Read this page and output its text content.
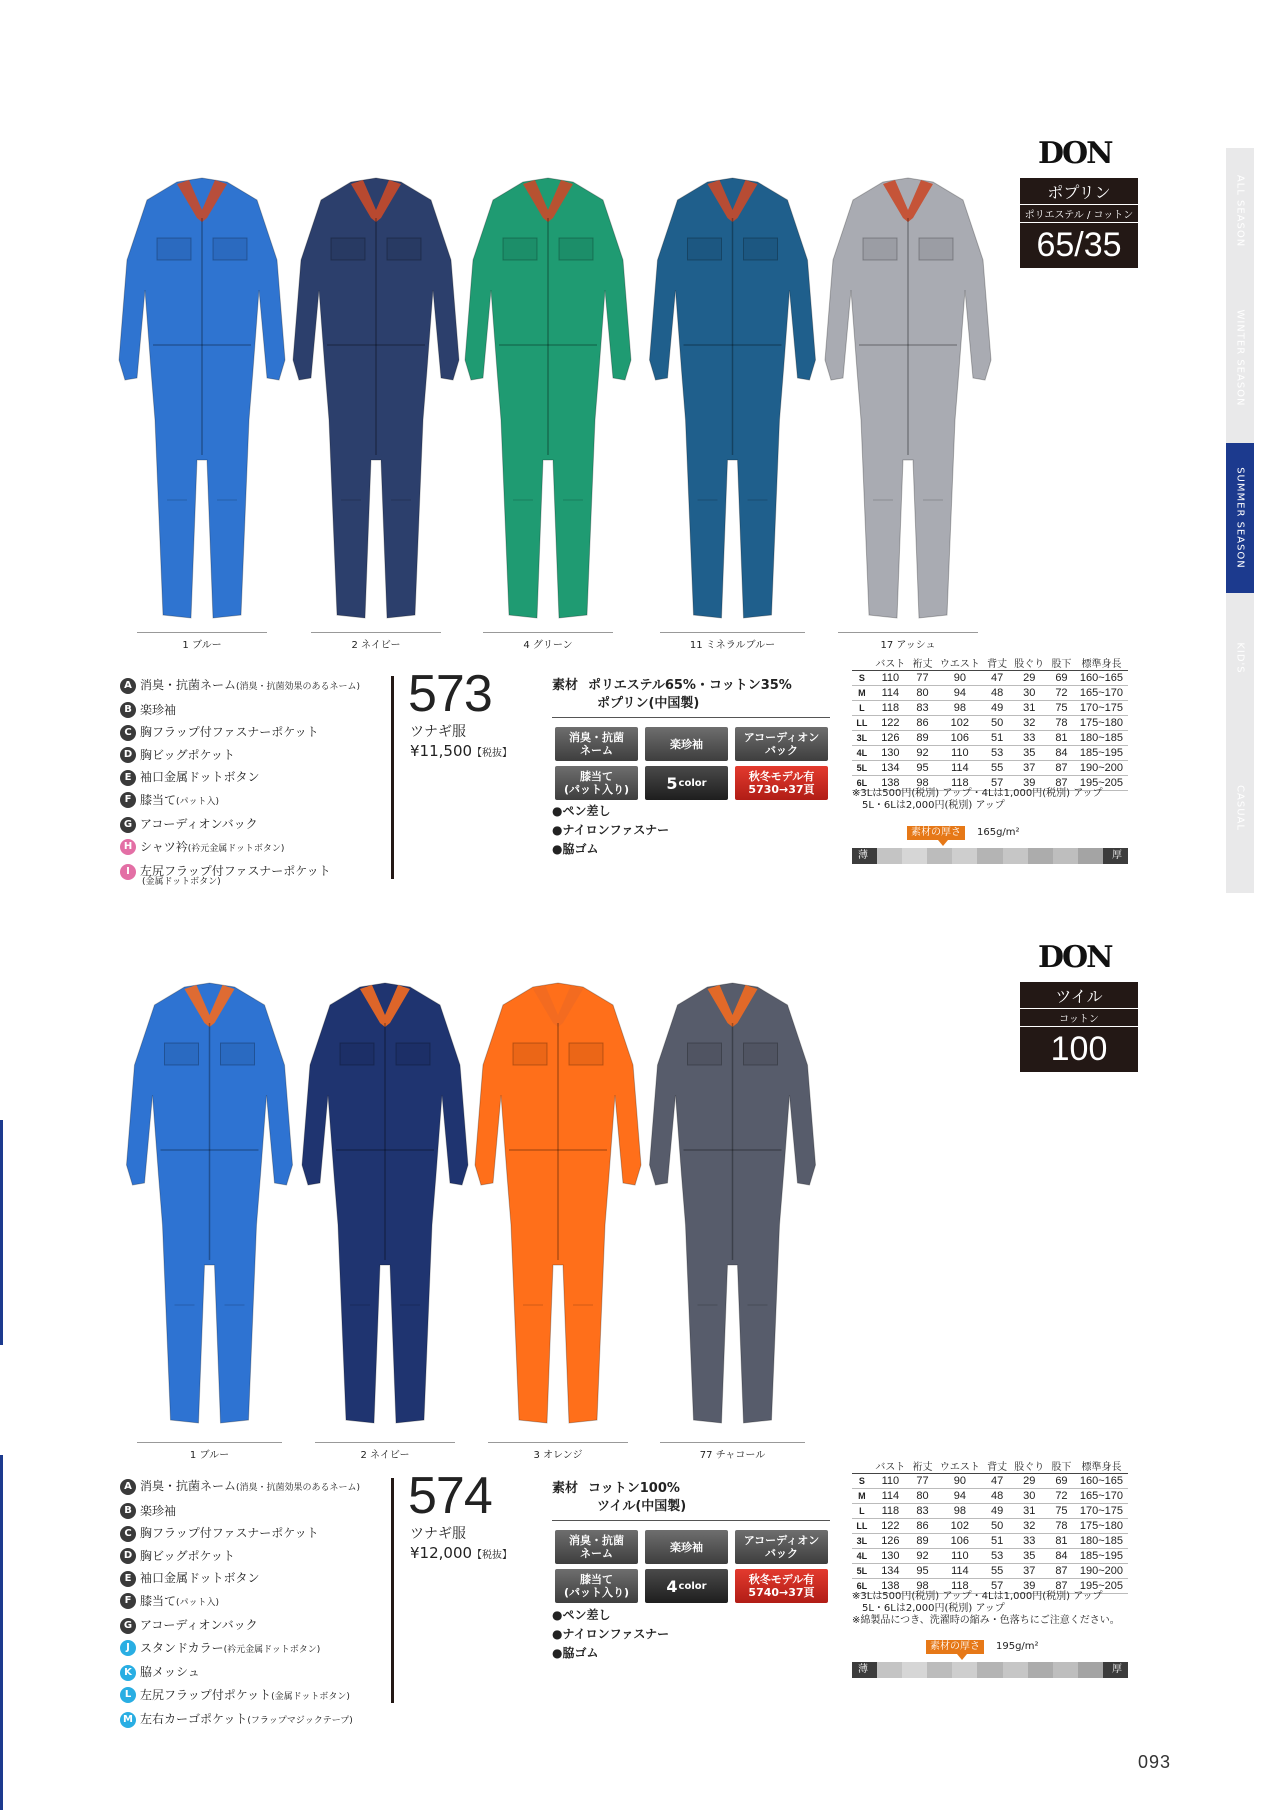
ALL SEASON
WINTER SEASON
SUMMER SEASON
KID'S
CASUAL
DON
ポプリン
ポリエステル / コットン
65/35
1 ブルー	2 ネイビー	4 グリーン	11 ミネラルブルー	17 アッシュ
A 消臭・抗菌ネーム(消臭・抗菌効果のあるネーム)
B 楽珍袖
C 胸フラップ付ファスナーポケット
D 胸ビッグポケット
E 袖口金属ドットボタン
F 膝当て(パット入)
G アコーディオンバック
H シャツ衿(衿元金属ドットボタン)
I 左尻フラップ付ファスナーポケット
(金属ドットボタン)
573
ツナギ服
¥11,500【税抜】
素材 ポリエステル65%・コットン35%
ポプリン(中国製)
消臭・抗菌
ネーム	楽珍袖	アコーディオン
バック
膝当て
(パット入り)	5 color	秋冬モデル有
5730→37頁
●ペン差し
●ナイロンファスナー
●脇ゴム
	バスト	裄丈	ウエスト	背丈	股ぐり	股下	標準身長
S	110	77	90	47	29	69	160~165
M	114	80	94	48	30	72	165~170
L	118	83	98	49	31	75	170~175
LL	122	86	102	50	32	78	175~180
3L	126	89	106	51	33	81	180~185
4L	130	92	110	53	35	84	185~195
5L	134	95	114	55	37	87	190~200
6L	138	98	118	57	39	87	195~205
※3Lは500円(税別) アップ・4Lは1,000円(税別) アップ
5L・6Lは2,000円(税別) アップ
素材の厚さ	165g/m²
薄	厚
DON
ツイル
コットン
100
1 ブルー	2 ネイビー	3 オレンジ	77 チャコール
A 消臭・抗菌ネーム(消臭・抗菌効果のあるネーム)
B 楽珍袖
C 胸フラップ付ファスナーポケット
D 胸ビッグポケット
E 袖口金属ドットボタン
F 膝当て(パット入)
G アコーディオンバック
J スタンドカラー(衿元金属ドットボタン)
K 脇メッシュ
L 左尻フラップ付ポケット(金属ドットボタン)
M 左右カーゴポケット(フラップマジックテープ)
574
ツナギ服
¥12,000【税抜】
素材 コットン100%
ツイル(中国製)
消臭・抗菌
ネーム	楽珍袖	アコーディオン
バック
膝当て
(パット入り)	4 color	秋冬モデル有
5740→37頁
●ペン差し
●ナイロンファスナー
●脇ゴム
	バスト	裄丈	ウエスト	背丈	股ぐり	股下	標準身長
S	110	77	90	47	29	69	160~165
M	114	80	94	48	30	72	165~170
L	118	83	98	49	31	75	170~175
LL	122	86	102	50	32	78	175~180
3L	126	89	106	51	33	81	180~185
4L	130	92	110	53	35	84	185~195
5L	134	95	114	55	37	87	190~200
6L	138	98	118	57	39	87	195~205
※3Lは500円(税別) アップ・4Lは1,000円(税別) アップ
5L・6Lは2,000円(税別) アップ
※綿製品につき、洗濯時の縮み・色落ちにご注意ください。
素材の厚さ	195g/m²
薄	厚
093
